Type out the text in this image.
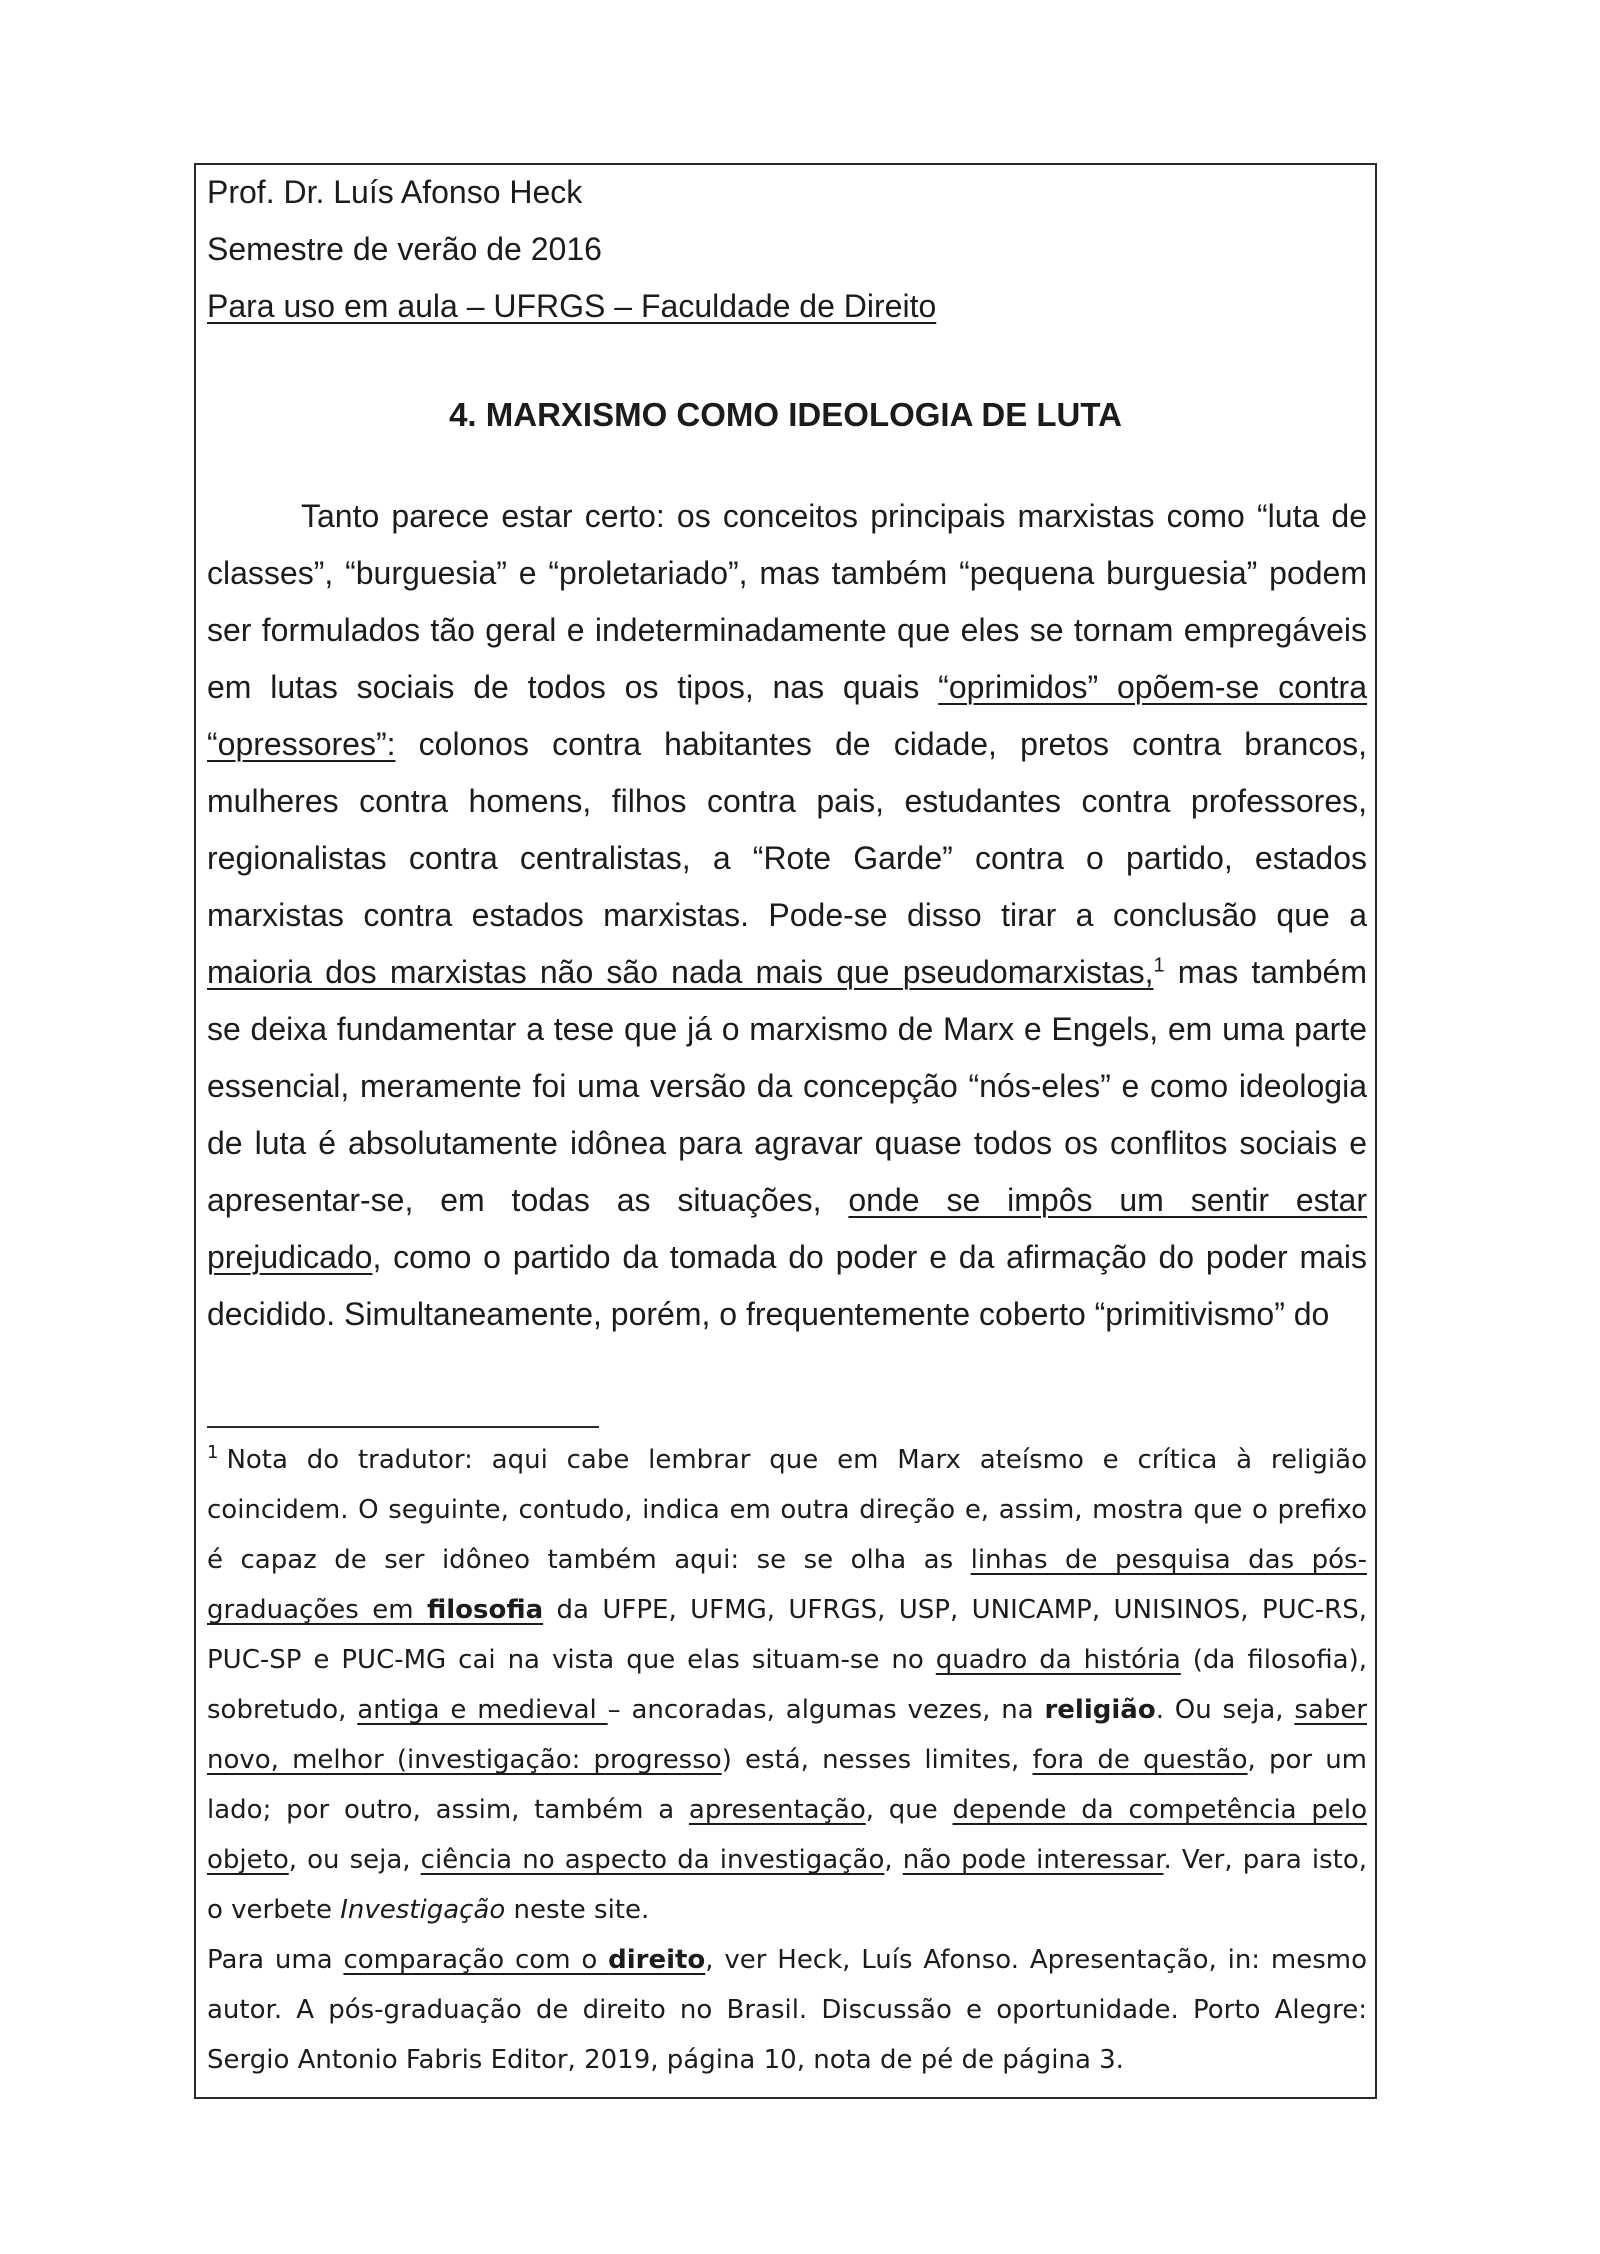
Prof. Dr. Luís Afonso Heck
Semestre de verão de 2016
Para uso em aula – UFRGS – Faculdade de Direito
4. MARXISMO COMO IDEOLOGIA DE LUTA

Tanto parece estar certo: os conceitos principais marxistas como “luta de classes”, “burguesia” e “proletariado”, mas também “pequena burguesia” podem ser formulados tão geral e indeterminadamente que eles se tornam empregáveis em lutas sociais de todos os tipos, nas quais “oprimidos” opõem-se contra “opressores”: colonos contra habitantes de cidade, pretos contra brancos, mulheres contra homens, filhos contra pais, estudantes contra professores, regionalistas contra centralistas, a “Rote Garde” contra o partido, estados marxistas contra estados marxistas. Pode-se disso tirar a conclusão que a maioria dos marxistas não são nada mais que pseudomarxistas,$^1$ mas também se deixa fundamentar a tese que já o marxismo de Marx e Engels, em uma parte essencial, meramente foi uma versão da concepção “nós-eles” e como ideologia de luta é absolutamente idônea para agravar quase todos os conflitos sociais e apresentar-se, em todas as situações, onde se impôs um sentir estar prejudicado, como o partido da tomada do poder e da afirmação do poder mais decidido. Simultaneamente, porém, o frequentemente coberto “primitivismo” do

$^1$ Nota do tradutor: aqui cabe lembrar que em Marx ateísmo e crítica à religião coincidem. O seguinte, contudo, indica em outra direção e, assim, mostra que o prefixo é capaz de ser idôneo também aqui: se se olha as linhas de pesquisa das pós-graduações em filosofia da UFPE, UFMG, UFRGS, USP, UNICAMP, UNISINOS, PUC-RS, PUC-SP e PUC-MG cai na vista que elas situam-se no quadro da história (da filosofia), sobretudo, antiga e medieval – ancoradas, algumas vezes, na religião. Ou seja, saber novo, melhor (investigação: progresso) está, nesses limites, fora de questão, por um lado; por outro, assim, também a apresentação, que depende da competência pelo objeto, ou seja, ciência no aspecto da investigação, não pode interessar. Ver, para isto, o verbete Investigação neste site.

Para uma comparação com o direito, ver Heck, Luís Afonso. Apresentação, in: mesmo autor. A pós-graduação de direito no Brasil. Discussão e oportunidade. Porto Alegre: Sergio Antonio Fabris Editor, 2019, página 10, nota de pé de página 3.
